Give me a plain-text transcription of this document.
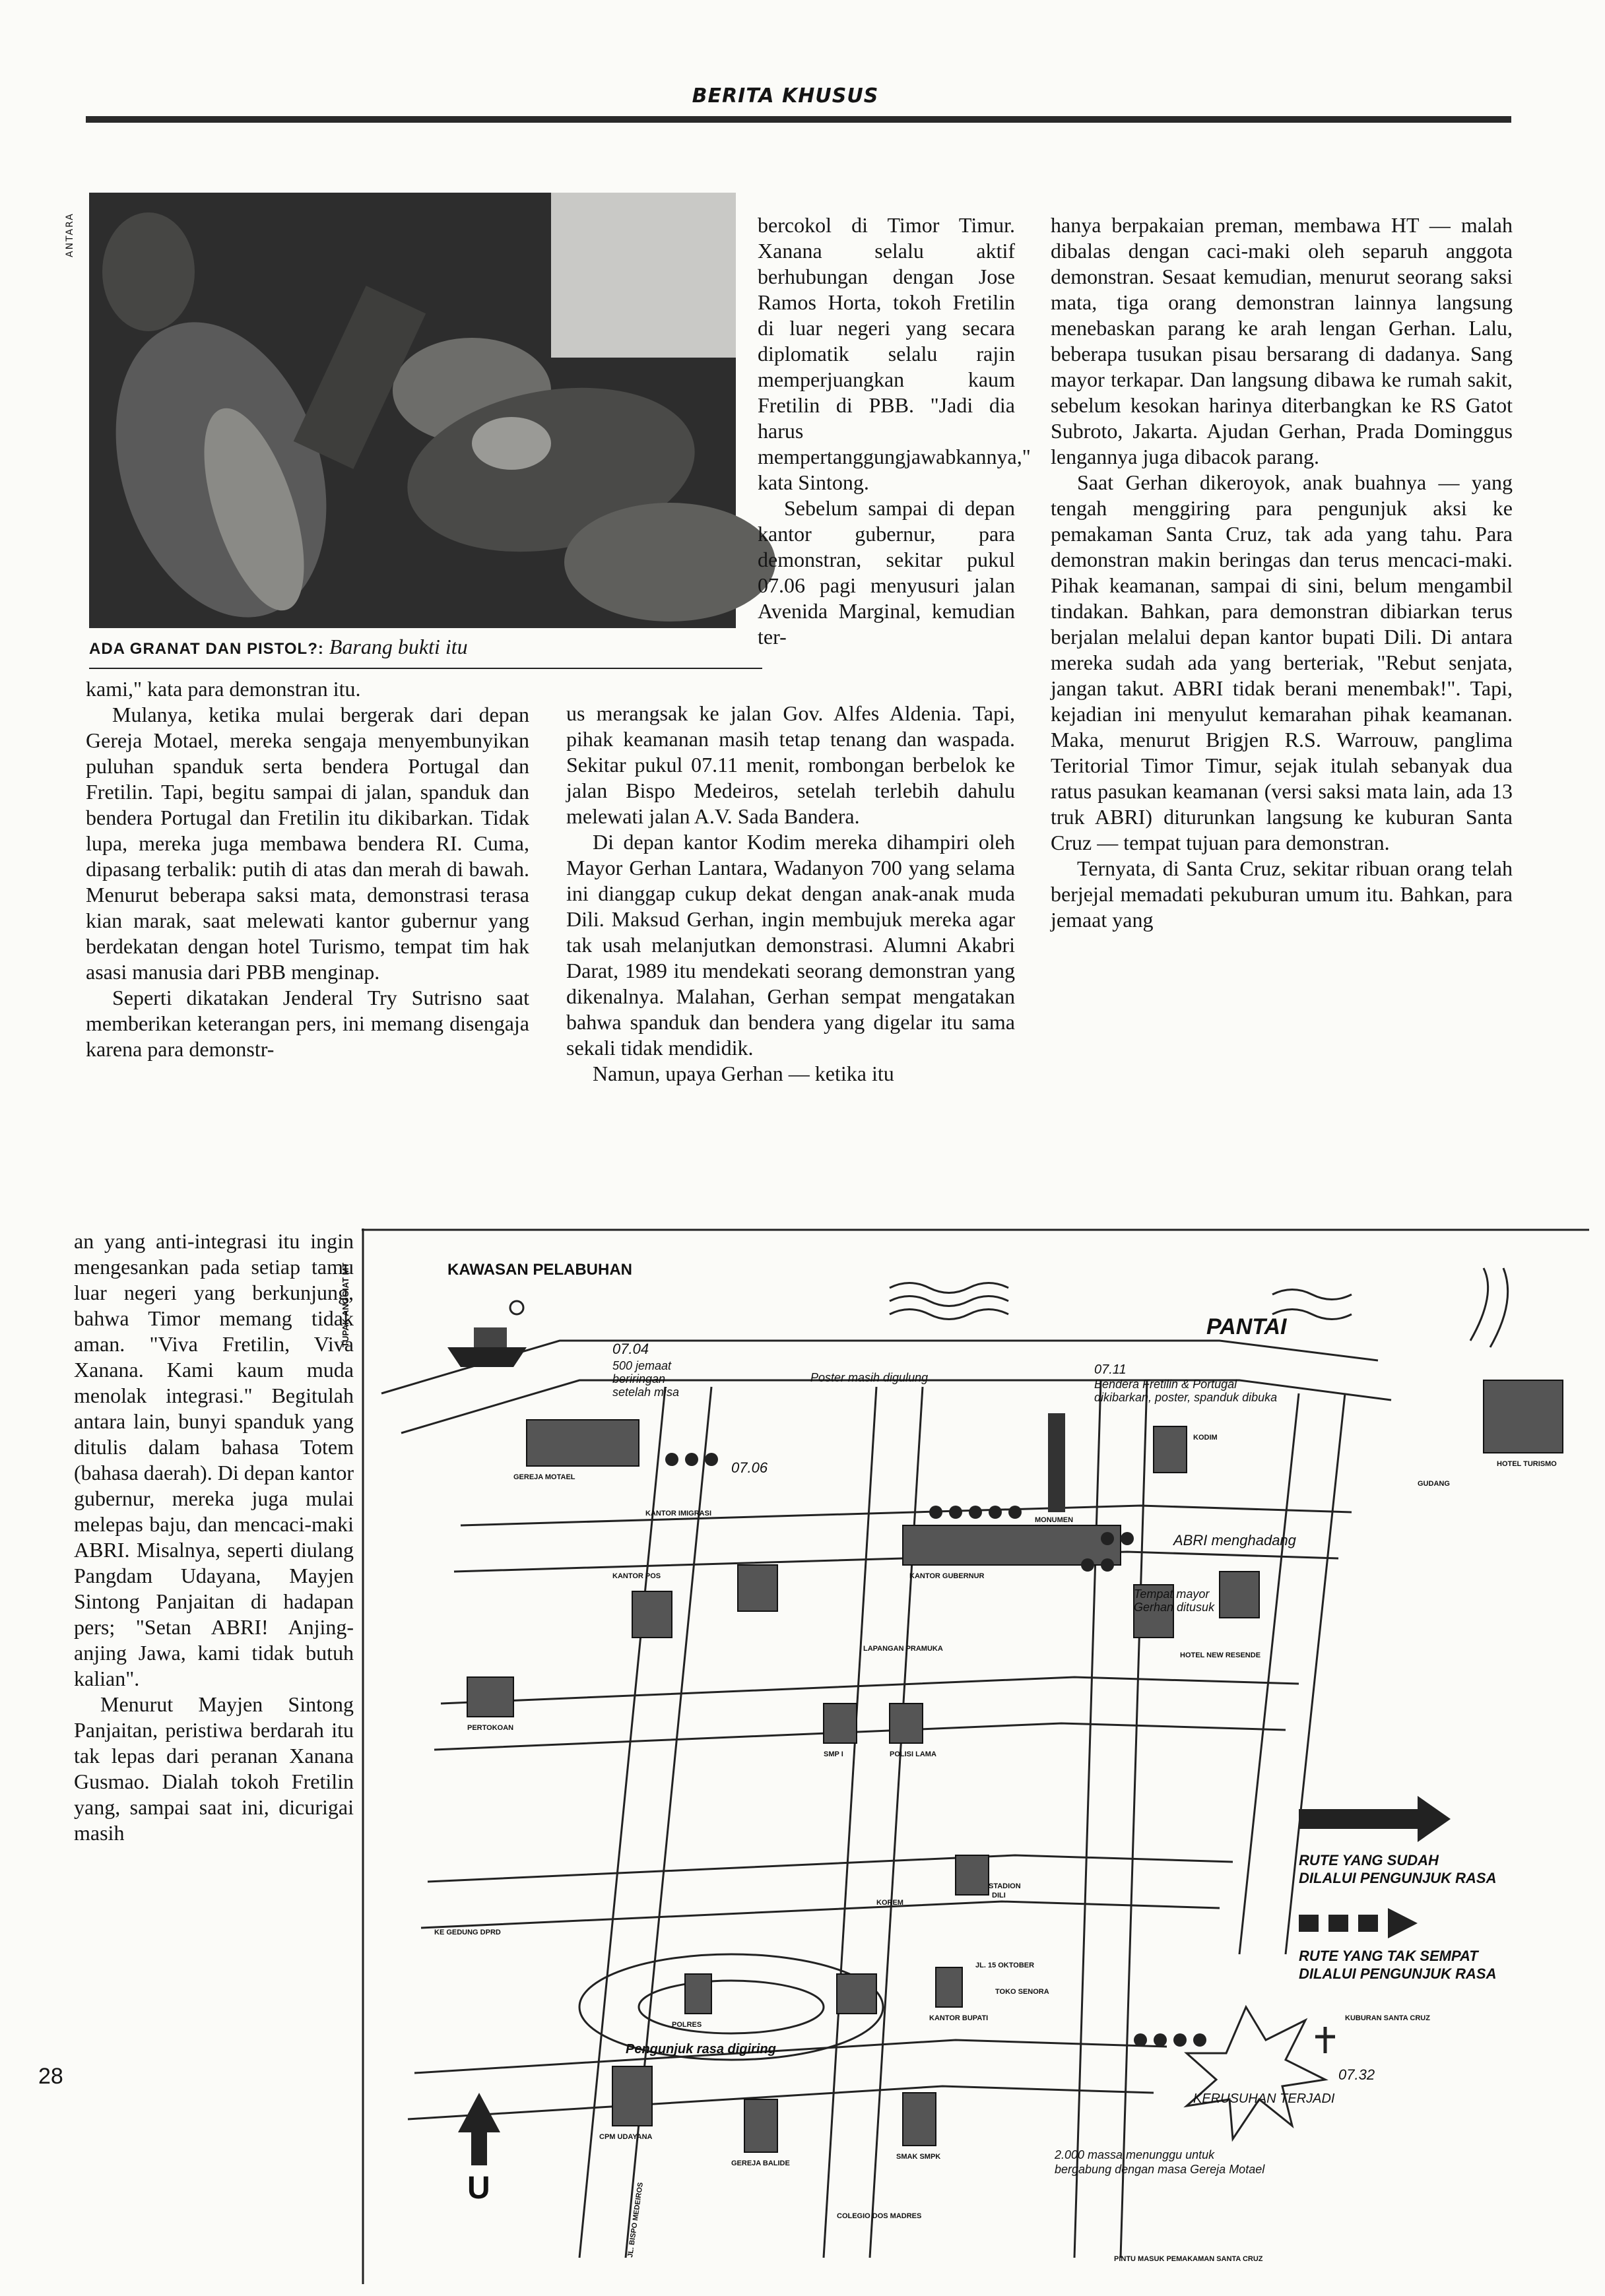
BERITA KHUSUS
ANTARA
ADA GRANAT DAN PISTOL?: Barang bukti itu

kami," kata para demonstran itu.

Mulanya, ketika mulai bergerak dari depan Gereja Motael, mereka sengaja menyembunyikan puluhan spanduk serta bendera Portugal dan Fretilin. Tapi, begitu sampai di jalan, spanduk dan bendera Portugal dan Fretilin itu dikibarkan. Tidak lupa, mereka juga membawa bendera RI. Cuma, dipasang terbalik: putih di atas dan merah di bawah. Menurut beberapa saksi mata, demonstrasi terasa kian marak, saat melewati kantor gubernur yang berdekatan dengan hotel Turismo, tempat tim hak asasi manusia dari PBB menginap.

Seperti dikatakan Jenderal Try Sutrisno saat memberikan keterangan pers, ini memang disengaja karena para demonstr-

an yang anti-integrasi itu ingin mengesankan pada setiap tamu luar negeri yang berkunjung, bahwa Timor memang tidak aman. "Viva Fretilin, Viva Xanana. Kami kaum muda menolak integrasi." Begitulah antara lain, bunyi spanduk yang ditulis dalam bahasa Totem (bahasa daerah). Di depan kantor gubernur, mereka juga mulai melepas baju, dan mencaci-maki ABRI. Misalnya, seperti diulang Pangdam Udayana, Mayjen Sintong Panjaitan di hadapan pers; "Setan ABRI! Anjing-anjing Jawa, kami tidak butuh kalian".

Menurut Mayjen Sintong Panjaitan, peristiwa berdarah itu tak lepas dari peranan Xanana Gusmao. Dialah tokoh Fretilin yang, sampai saat ini, dicurigai masih

bercokol di Timor Timur. Xanana selalu aktif berhubungan dengan Jose Ramos Horta, tokoh Fretilin di luar negeri yang secara diplomatik selalu rajin memperjuangkan kaum Fretilin di PBB. "Jadi dia harus mempertanggungjawabkannya," kata Sintong.

Sebelum sampai di depan kantor gubernur, para demonstran, sekitar pukul 07.06 pagi menyusuri jalan Avenida Marginal, kemudian ter-

us merangsak ke jalan Gov. Alfes Aldenia. Tapi, pihak keamanan masih tetap tenang dan waspada. Sekitar pukul 07.11 menit, rombongan berbelok ke jalan Bispo Medeiros, setelah terlebih dahulu melewati jalan A.V. Sada Bandera.

Di depan kantor Kodim mereka dihampiri oleh Mayor Gerhan Lantara, Wadanyon 700 yang selama ini dianggap cukup dekat dengan anak-anak muda Dili. Maksud Gerhan, ingin membujuk mereka agar tak usah melanjutkan demonstrasi. Alumni Akabri Darat, 1989 itu mendekati seorang demonstran yang dikenalnya. Malahan, Gerhan sempat mengatakan bahwa spanduk dan bendera yang digelar itu sama sekali tidak mendidik.

Namun, upaya Gerhan — ketika itu

hanya berpakaian preman, membawa HT — malah dibalas dengan caci-maki oleh separuh anggota demonstran. Sesaat kemudian, menurut seorang saksi mata, tiga orang demonstran lainnya langsung menebaskan parang ke arah lengan Gerhan. Lalu, beberapa tusukan pisau bersarang di dadanya. Sang mayor terkapar. Dan langsung dibawa ke rumah sakit, sebelum kesokan harinya diterbangkan ke RS Gatot Subroto, Jakarta. Ajudan Gerhan, Prada Dominggus lengannya juga dibacok parang.

Saat Gerhan dikeroyok, anak buahnya — yang tengah menggiring para pengunjuk aksi ke pemakaman Santa Cruz, tak ada yang tahu. Para demonstran makin beringas dan terus mencaci-maki. Pihak keamanan, sampai di sini, belum mengambil tindakan. Bahkan, para demonstran dibiarkan terus berjalan melalui depan kantor bupati Dili. Di antara mereka sudah ada yang berteriak, "Rebut senjata, jangan takut. ABRI tidak berani menembak!". Tapi, kejadian ini menyulut kemarahan pihak keamanan. Maka, menurut Brigjen R.S. Warrouw, panglima Teritorial Timor Timur, sejak itulah sebanyak dua ratus pasukan keamanan (versi saksi mata lain, ada 13 truk ABRI) diturunkan langsung ke kuburan Santa Cruz — tempat tujuan para demonstran.

Ternyata, di Santa Cruz, sekitar ribuan orang telah berjejal memadati pekuburan umum itu. Bahkan, para jemaat yang

28
KAWASAN PELABUHAN
PANTAI
07.04
500 jemaat
beriringan
setelah misa
07.06
Poster masih digulung
07.11
Bendera Fretilin & Portugal
dikibarkan, poster, spanduk dibuka
ABRI menghadang
Tempat mayor
Gerhan ditusuk
Pengunjuk rasa digiring
07.32
KERUSUHAN TERJADI
2.000 massa menunggu untuk
bergabung dengan masa Gereja Motael
RUTE YANG SUDAH
DILALUI PENGUNJUK RASA
RUTE YANG TAK SEMPAT
DILALUI PENGUNJUK RASA
U
GEREJA MOTAEL
KANTOR IMIGRASI
KANTOR POS
MONUMEN
KODIM
KANTOR GUBERNUR
LAPANGAN PRAMUKA
PERTOKOAN
SMP I	POLISI LAMA
HOTEL NEW RESENDE
HOTEL TURISMO
GUDANG
KOREM
STADION
DILI
KE GEDUNG DPRD
POLRES
JL. 15 OKTOBER
TOKO SENORA
KANTOR BUPATI	KUBURAN SANTA CRUZ
CPM UDAYANA
GEREJA BALIDE
SMAK SMPK
COLEGIO DOS MADRES
PINTU MASUK PEMAKAMAN SANTA CRUZ
JL. BISPO MEDEIROS
TUPAK ANGGIAT MT
